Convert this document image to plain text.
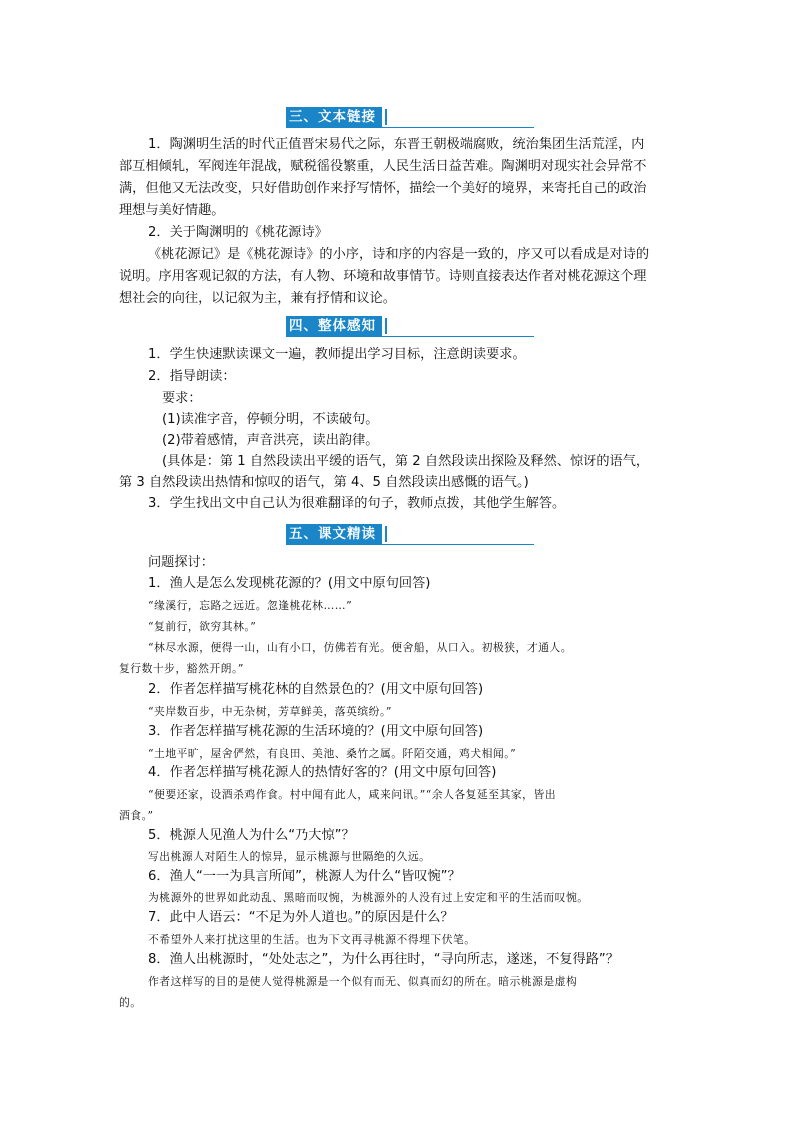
三、文本链接
1．陶渊明生活的时代正值晋宋易代之际，东晋王朝极端腐败，统治集团生活荒淫，内
部互相倾轧，军阀连年混战，赋税徭役繁重，人民生活日益苦难。陶渊明对现实社会异常不
满，但他又无法改变，只好借助创作来抒写情怀，描绘一个美好的境界，来寄托自己的政治
理想与美好情趣。
2．关于陶渊明的《桃花源诗》
《桃花源记》是《桃花源诗》的小序，诗和序的内容是一致的，序又可以看成是对诗的
说明。序用客观记叙的方法，有人物、环境和故事情节。诗则直接表达作者对桃花源这个理
想社会的向往，以记叙为主，兼有抒情和议论。
四、整体感知
1．学生快速默读课文一遍，教师提出学习目标，注意朗读要求。
2．指导朗读：
要求：
(1)读准字音，停顿分明，不读破句。
(2)带着感情，声音洪亮，读出韵律。
(具体是：第 1 自然段读出平缓的语气，第 2 自然段读出探险及释然、惊讶的语气，
第 3 自然段读出热情和惊叹的语气，第 4、5 自然段读出感慨的语气。)
3．学生找出文中自己认为很难翻译的句子，教师点拨，其他学生解答。
五、课文精读
问题探讨：
1．渔人是怎么发现桃花源的？(用文中原句回答)
“缘溪行，忘路之远近。忽逢桃花林……”
“复前行，欲穷其林。”
“林尽水源，便得一山，山有小口，仿佛若有光。便舍船，从口入。初极狭，才通人。
复行数十步，豁然开朗。”
2．作者怎样描写桃花林的自然景色的？(用文中原句回答)
“夹岸数百步，中无杂树，芳草鲜美，落英缤纷。”
3．作者怎样描写桃花源的生活环境的？(用文中原句回答)
“土地平旷，屋舍俨然，有良田、美池、桑竹之属。阡陌交通，鸡犬相闻。”
4．作者怎样描写桃花源人的热情好客的？(用文中原句回答)
“便要还家，设酒杀鸡作食。村中闻有此人，咸来问讯。”“余人各复延至其家，皆出
酒食。”
5．桃源人见渔人为什么“乃大惊”？
写出桃源人对陌生人的惊异，显示桃源与世隔绝的久远。
6．渔人“一一为具言所闻”，桃源人为什么“皆叹惋”？
为桃源外的世界如此动乱、黑暗而叹惋，为桃源外的人没有过上安定和平的生活而叹惋。
7．此中人语云：“不足为外人道也。”的原因是什么？
不希望外人来打扰这里的生活。也为下文再寻桃源不得埋下伏笔。
8．渔人出桃源时，“处处志之”，为什么再往时，“寻向所志，遂迷，不复得路”？
作者这样写的目的是使人觉得桃源是一个似有而无、似真而幻的所在。暗示桃源是虚构
的。
